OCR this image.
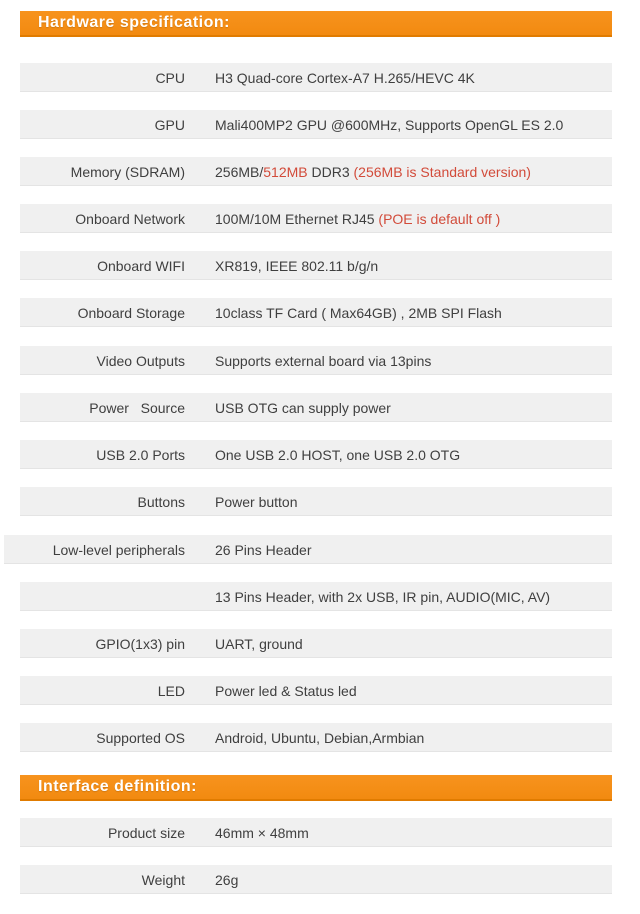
Hardware specification:
CPU H3 Quad-core Cortex-A7 H.265/HEVC 4K
GPU Mali400MP2 GPU @600MHz, Supports OpenGL ES 2.0
Memory (SDRAM) 256MB/512MB DDR3 (256MB is Standard version)
Onboard Network 100M/10M Ethernet RJ45 (POE is default off )
Onboard WIFI XR819, IEEE 802.11 b/g/n
Onboard Storage 10class TF Card ( Max64GB) , 2MB SPI Flash
Video Outputs Supports external board via 13pins
Power   Source USB OTG can supply power
USB 2.0 Ports One USB 2.0 HOST, one USB 2.0 OTG
Buttons Power button
Low-level peripherals 26 Pins Header
13 Pins Header, with 2x USB, IR pin, AUDIO(MIC, AV)
GPIO(1x3) pin UART, ground
LED Power led & Status led
Supported OS Android, Ubuntu, Debian,Armbian
Interface definition:
Product size 46mm × 48mm
Weight 26g
